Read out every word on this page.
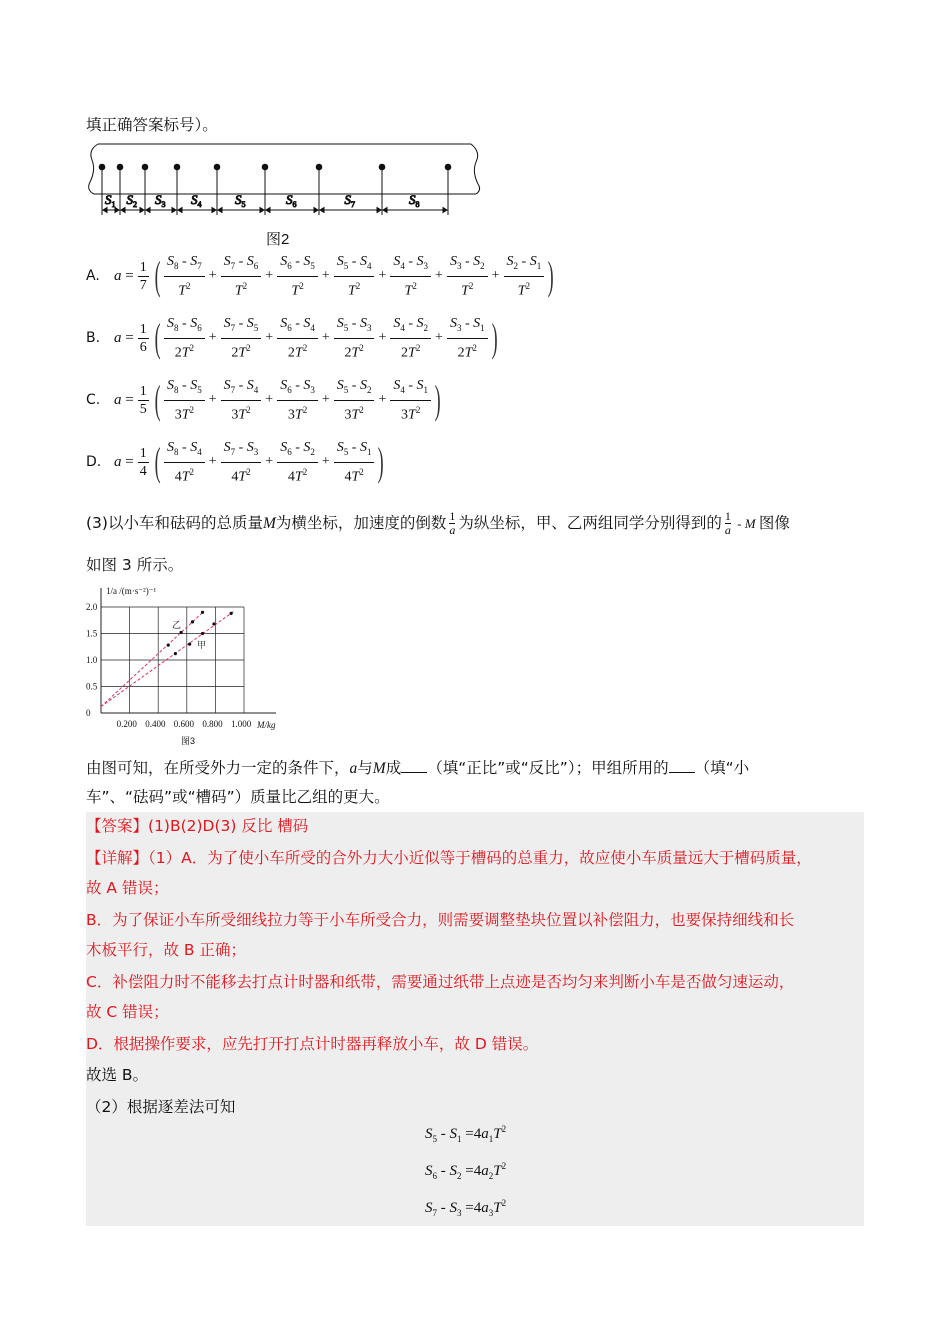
填正确答案标号）。
$S_1$ $S_2$ $S_3$ $S_4$	$S_5$	$S_6$	$S_7$	$S_8$
图2
A. $a = \frac{1}{7}$ ( $S_8 - S_7$
$T^2$
+ $\frac{S_7 - S_6}{T^2} + \frac{S_6 - S_5}{T^2} + \frac{S_5 - S_4}{T^2} + \frac{S_4 - S_3}{T^2} + \frac{S_3 - S_2}{T^2} + \frac{S_2 - S_1}{T^2}$ )
B. $a = \frac{1}{6}$ ( $S_8 - S_6$
$2T^2$
+ $\frac{S_7 - S_5}{2T^2} + \frac{S_6 - S_4}{2T^2} + \frac{S_5 - S_3}{2T^2} + \frac{S_4 - S_2}{2T^2} + \frac{S_3 - S_1}{2T^2}$ )
C. $a = \frac{1}{5}$ ( $S_8 - S_5$
$3T^2$
+ $\frac{S_7 - S_4}{3T^2} + \frac{S_6 - S_3}{3T^2} + \frac{S_5 - S_2}{3T^2} + \frac{S_4 - S_1}{3T^2}$ )
D. $a = \frac{1}{4}$ ( $S_8 - S_4$
$4T^2$
+ $\frac{S_7 - S_3}{4T^2} + \frac{S_6 - S_2}{4T^2} + \frac{S_5 - S_1}{4T^2}$ )
(3)以小车和砝码的总质量M为横坐标，加速度的倒数 $\frac{1}{a}$ 为纵坐标，甲、乙两组同学分别得到的 $\frac{1}{a}$ - M 图像
如图 3 所示。
2.0
1.5
1.0
0.5
0
0.200 0.400 0.600 0.800 1.000
1/a /(m·s⁻²)⁻¹
M/kg
图3
乙
甲
由图可知，在所受外力一定的条件下，a与M成 （填“正比”或“反比”）；甲组所用的 （填“小
车”、“砝码”或“槽码”）质量比乙组的更大。
【答案】(1)B(2)D(3) 反比 槽码
【详解】（1）A．为了使小车所受的合外力大小近似等于槽码的总重力，故应使小车质量远大于槽码质量，
故 A 错误；
B．为了保证小车所受细线拉力等于小车所受合力，则需要调整垫块位置以补偿阻力，也要保持细线和长
木板平行，故 B 正确；
C．补偿阻力时不能移去打点计时器和纸带，需要通过纸带上点迹是否均匀来判断小车是否做匀速运动，
故 C 错误；
D．根据操作要求，应先打开打点计时器再释放小车，故 D 错误。
故选 B。
（2）根据逐差法可知
$S_5 - S_1 =4a_1T^2$
$S_6 - S_2 =4a_2T^2$
$S_7 - S_3 =4a_3T^2$
